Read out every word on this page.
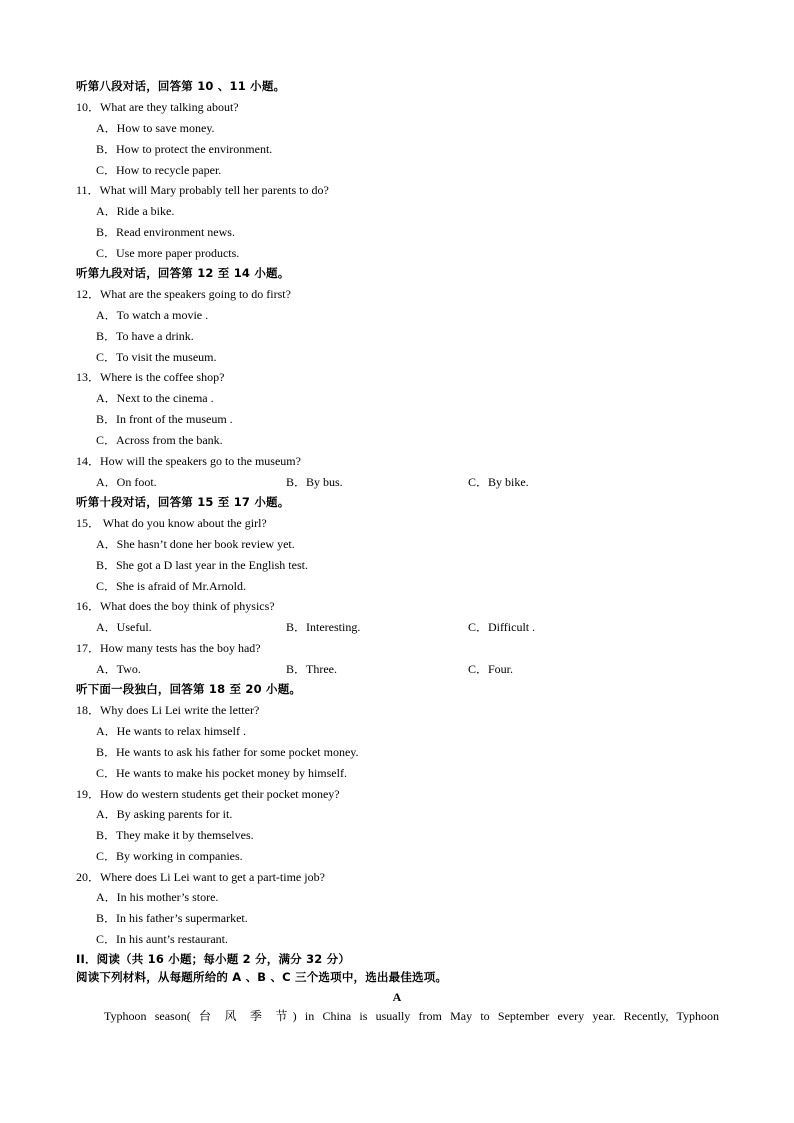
听第八段对话，回答第 10 、11 小题。
10．What are they talking about?
A．How to save money.
B．How to protect the environment.
C．How to recycle paper.
11．What will Mary probably tell her parents to do?
A．Ride a bike.
B．Read environment news.
C．Use more paper products.
听第九段对话，回答第 12 至 14 小题。
12．What are the speakers going to do first?
A．To watch a movie .
B．To have a drink.
C．To visit the museum.
13．Where is the coffee shop?
A．Next to the cinema .
B．In front of the museum .
C．Across from the bank.
14．How will the speakers go to the museum?
A．On foot.	B．By bus.	C．By bike.
听第十段对话，回答第 15 至 17 小题。
15． What do you know about the girl?
A．She hasn’t done her book review yet.
B．She got a D last year in the English test.
C．She is afraid of Mr.Arnold.
16．What does the boy think of physics?
A．Useful.	B．Interesting.	C．Difficult .
17．How many tests has the boy had?
A．Two.	B．Three.	C．Four.
听下面一段独白，回答第 18 至 20 小题。
18．Why does Li Lei write the letter?
A．He wants to relax himself .
B．He wants to ask his father for some pocket money.
C．He wants to make his pocket money by himself.
19．How do western students get their pocket money?
A．By asking parents for it.
B．They make it by themselves.
C．By working in companies.
20．Where does Li Lei want to get a part-time job?
A．In his mother’s store.
B．In his father’s supermarket.
C．In his aunt’s restaurant.
II．阅读（共 16 小题；每小题 2 分，满分 32 分）
阅读下列材料，从每题所给的 A 、B 、C 三个选项中，选出最佳选项。
A
Typhoon season( 台 风 季 节) in China is usually from May to September every year. Recently, Typhoon
